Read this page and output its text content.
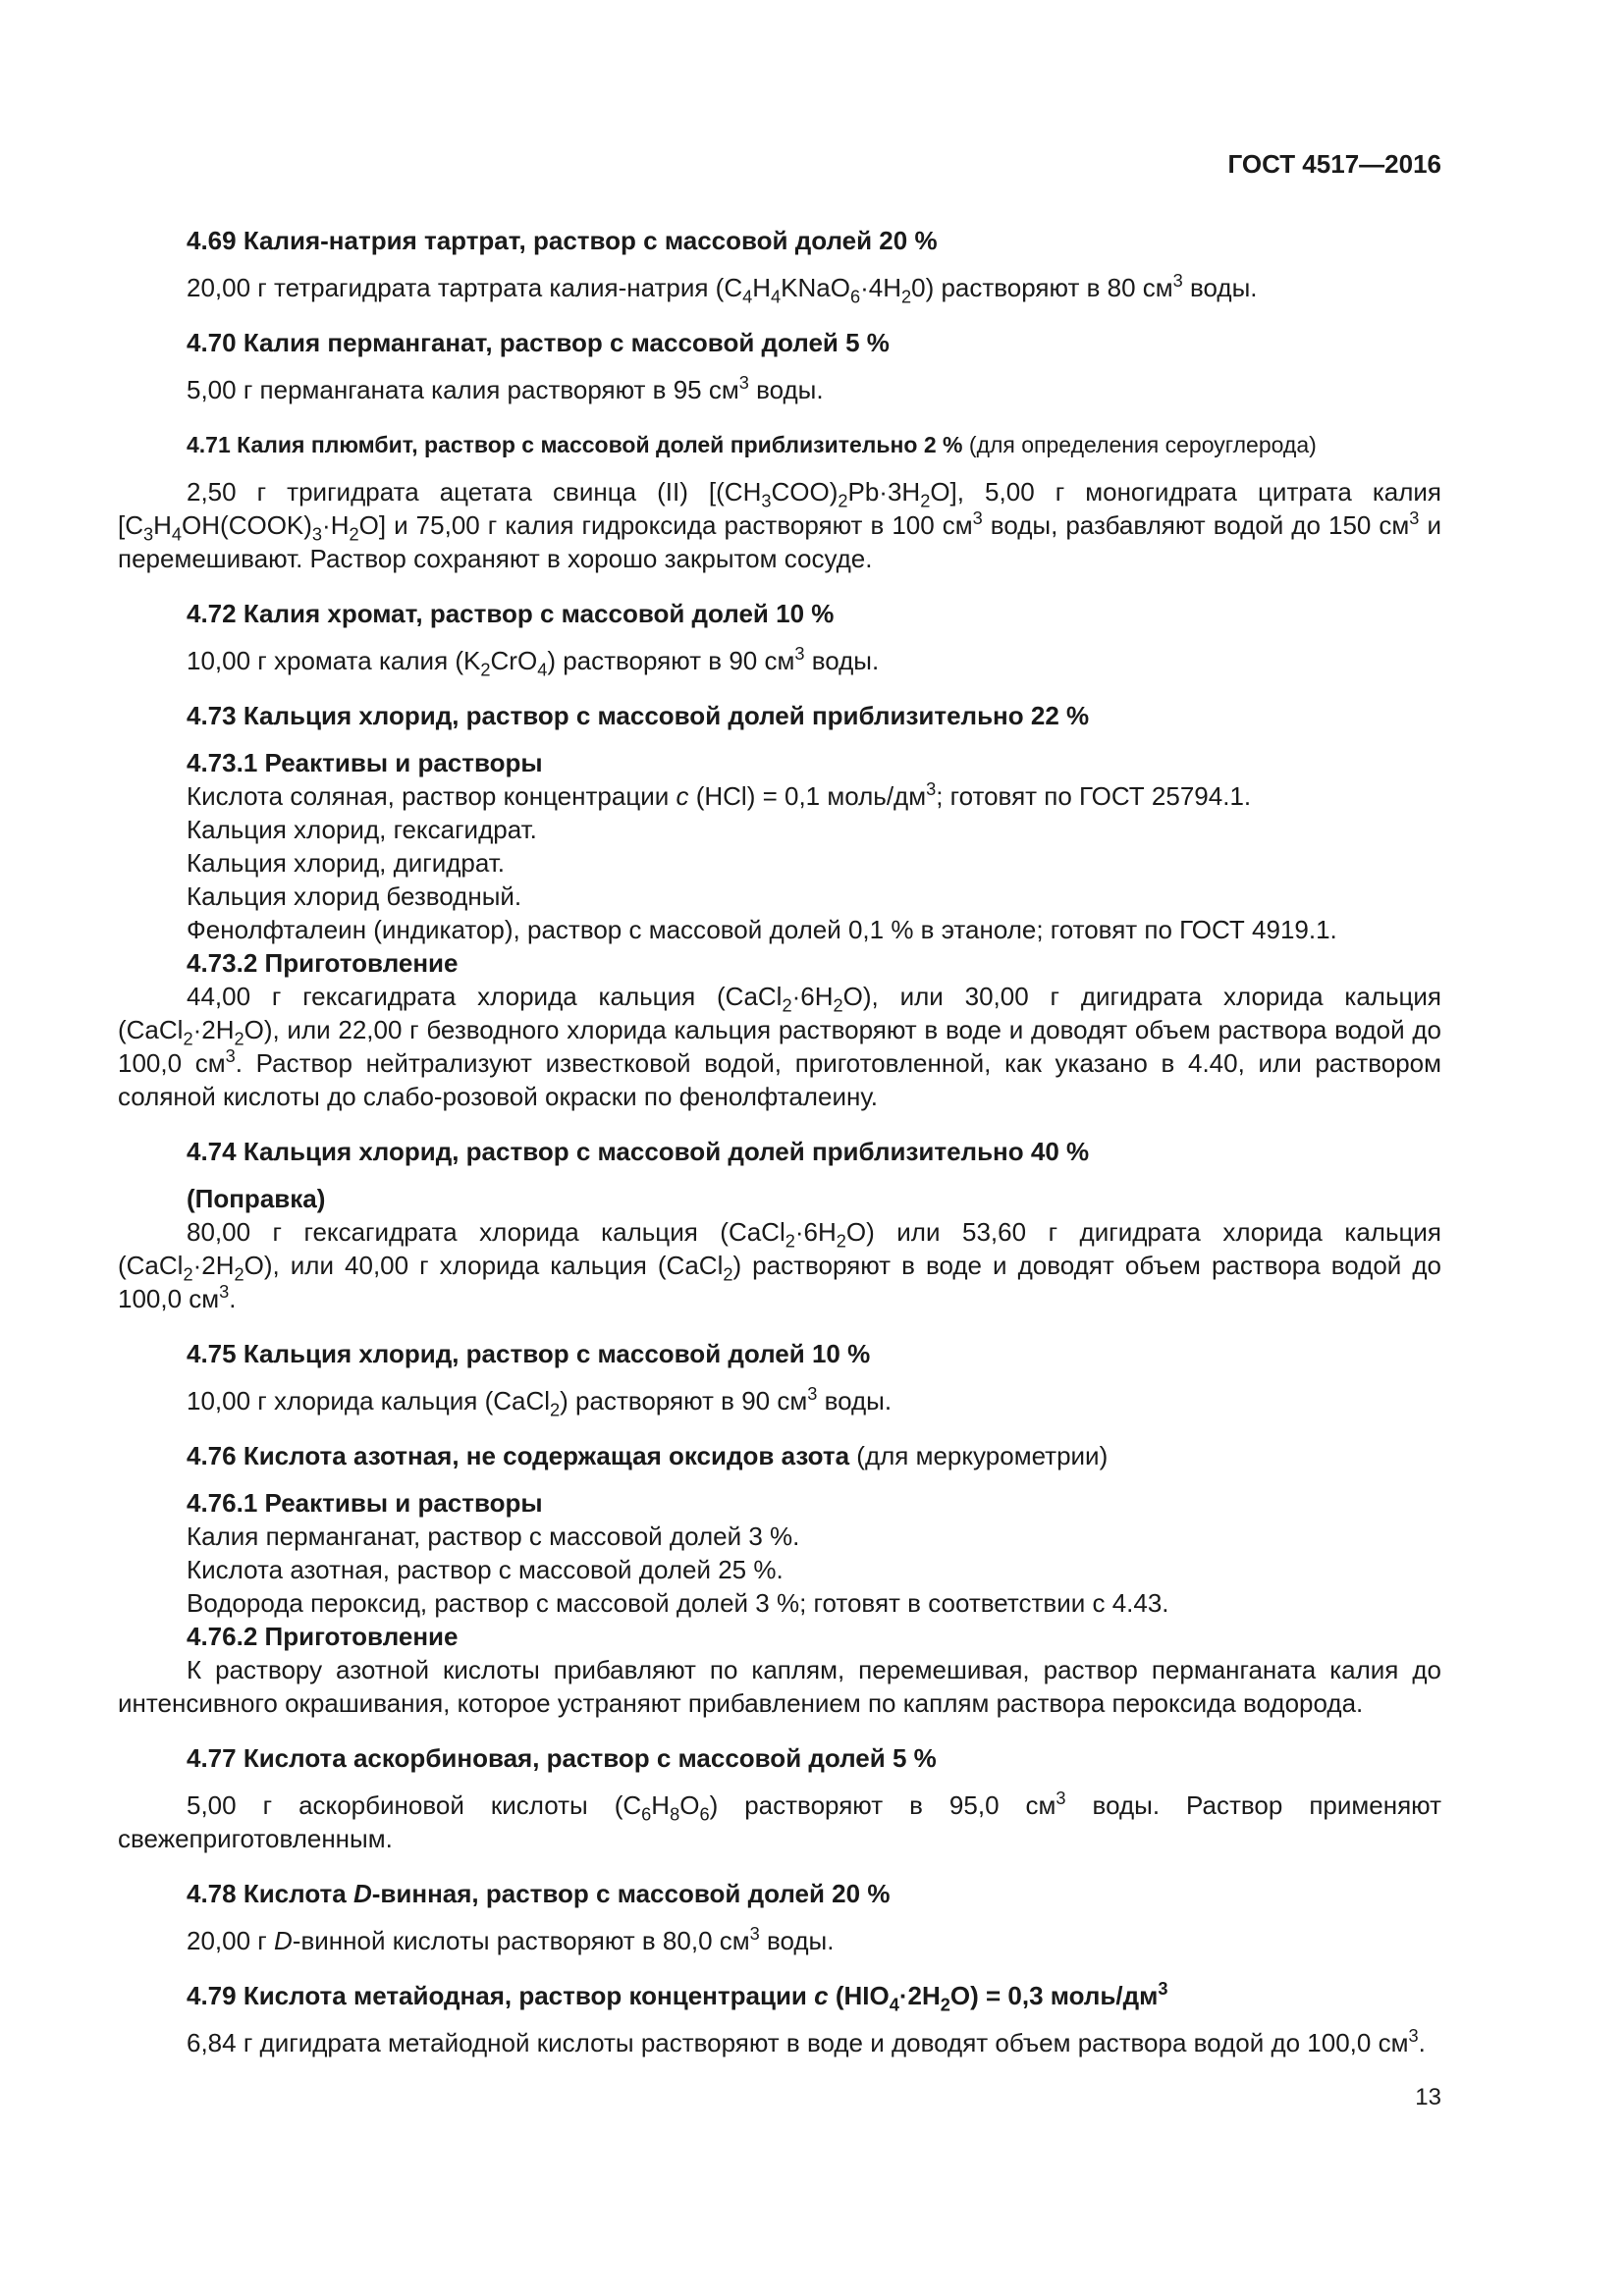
ГОСТ 4517—2016

4.69 Калия-натрия тартрат, раствор с массовой долей 20 %

20,00 г тетрагидрата тартрата калия-натрия $(C_4H_4KNaO_6\cdot 4H_20)$ растворяют в 80 $см^3$ воды.

4.70 Калия перманганат, раствор с массовой долей 5 %

5,00 г перманганата калия растворяют в 95 $см^3$ воды.

4.71 Калия плюмбит, раствор с массовой долей приблизительно 2 % (для определения сероуглерода)

2,50 г тригидрата ацетата свинца (II) $[(CH_3COO)_2Pb\cdot 3H_2O]$, 5,00 г моногидрата цитрата калия $[C_3H_4OH(COOK)_3\cdot H_2O]$ и 75,00 г калия гидроксида растворяют в 100 $см^3$ воды, разбавляют водой до 150 $см^3$ и перемешивают. Раствор сохраняют в хорошо закрытом сосуде.

4.72 Калия хромат, раствор с массовой долей 10 %

10,00 г хромата калия $(K_2CrO_4)$ растворяют в 90 $см^3$ воды.

4.73 Кальция хлорид, раствор с массовой долей приблизительно 22 %

4.73.1 Реактивы и растворы

Кислота соляная, раствор концентрации c (HCl) = 0,1 моль/$дм^3$; готовят по ГОСТ 25794.1.

Кальция хлорид, гексагидрат.

Кальция хлорид, дигидрат.

Кальция хлорид безводный.

Фенолфталеин (индикатор), раствор с массовой долей 0,1 % в этаноле; готовят по ГОСТ 4919.1.

4.73.2 Приготовление

44,00 г гексагидрата хлорида кальция $(CaCl_2\cdot 6H_2O)$, или 30,00 г дигидрата хлорида кальция $(CaCl_2\cdot 2H_2O)$, или 22,00 г безводного хлорида кальция растворяют в воде и доводят объем раствора водой до 100,0 $см^3$. Раствор нейтрализуют известковой водой, приготовленной, как указано в 4.40, или раствором соляной кислоты до слабо-розовой окраски по фенолфталеину.

4.74 Кальция хлорид, раствор с массовой долей приблизительно 40 %

(Поправка)

80,00 г гексагидрата хлорида кальция $(CaCl_2\cdot 6H_2O)$ или 53,60 г дигидрата хлорида кальция $(CaCl_2\cdot 2H_2O)$, или 40,00 г хлорида кальция (CaCl$_2$) растворяют в воде и доводят объем раствора водой до 100,0 $см^3$.

4.75 Кальция хлорид, раствор с массовой долей 10 %

10,00 г хлорида кальция (CaCl$_2$) растворяют в 90 $см^3$ воды.

4.76 Кислота азотная, не содержащая оксидов азота (для меркурометрии)

4.76.1 Реактивы и растворы

Калия перманганат, раствор с массовой долей 3 %.

Кислота азотная, раствор с массовой долей 25 %.

Водорода пероксид, раствор с массовой долей 3 %; готовят в соответствии с 4.43.

4.76.2 Приготовление

К раствору азотной кислоты прибавляют по каплям, перемешивая, раствор перманганата калия до интенсивного окрашивания, которое устраняют прибавлением по каплям раствора пероксида водорода.

4.77 Кислота аскорбиновая, раствор с массовой долей 5 %

5,00 г аскорбиновой кислоты $(C_6H_8O_6)$ растворяют в 95,0 $см^3$ воды. Раствор применяют свежеприготовленным.

4.78 Кислота D-винная, раствор с массовой долей 20 %

20,00 г D-винной кислоты растворяют в 80,0 $см^3$ воды.

4.79 Кислота метайодная, раствор концентрации c $(HIO_4\cdot 2H_2O) = 0,3$ моль/$дм^3$

6,84 г дигидрата метайодной кислоты растворяют в воде и доводят объем раствора водой до 100,0 $см^3$.

13
